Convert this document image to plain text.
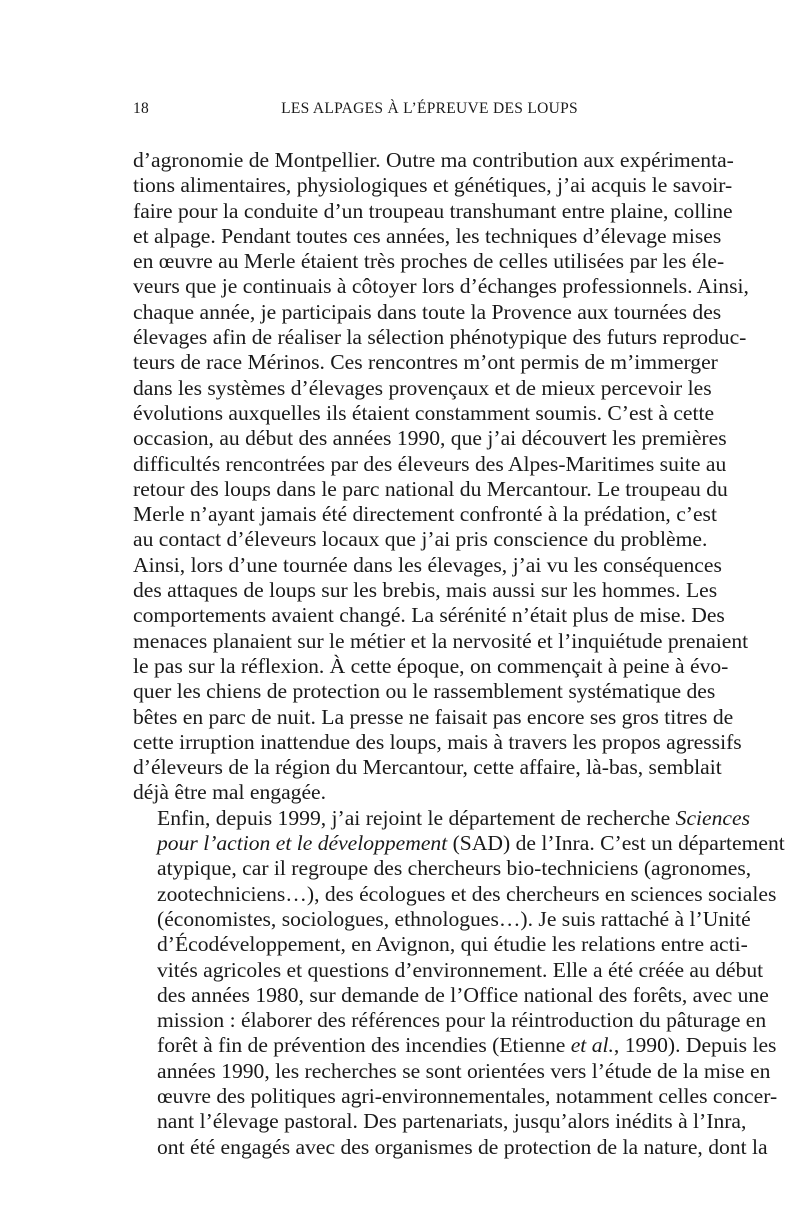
18	LES ALPAGES À L’ÉPREUVE DES LOUPS

d’agronomie de Montpellier. Outre ma contribution aux expérimenta-
tions alimentaires, physiologiques et génétiques, j’ai acquis le savoir-
faire pour la conduite d’un troupeau transhumant entre plaine, colline
et alpage. Pendant toutes ces années, les techniques d’élevage mises
en œuvre au Merle étaient très proches de celles utilisées par les éle-
veurs que je continuais à côtoyer lors d’échanges professionnels. Ainsi,
chaque année, je participais dans toute la Provence aux tournées des
élevages afin de réaliser la sélection phénotypique des futurs reproduc-
teurs de race Mérinos. Ces rencontres m’ont permis de m’immerger
dans les systèmes d’élevages provençaux et de mieux percevoir les
évolutions auxquelles ils étaient constamment soumis. C’est à cette
occasion, au début des années 1990, que j’ai découvert les premières
difficultés rencontrées par des éleveurs des Alpes-Maritimes suite au
retour des loups dans le parc national du Mercantour. Le troupeau du
Merle n’ayant jamais été directement confronté à la prédation, c’est
au contact d’éleveurs locaux que j’ai pris conscience du problème.
Ainsi, lors d’une tournée dans les élevages, j’ai vu les conséquences
des attaques de loups sur les brebis, mais aussi sur les hommes. Les
comportements avaient changé. La sérénité n’était plus de mise. Des
menaces planaient sur le métier et la nervosité et l’inquiétude prenaient
le pas sur la réflexion. À cette époque, on commençait à peine à évo-
quer les chiens de protection ou le rassemblement systématique des
bêtes en parc de nuit. La presse ne faisait pas encore ses gros titres de
cette irruption inattendue des loups, mais à travers les propos agressifs
d’éleveurs de la région du Mercantour, cette affaire, là-bas, semblait
déjà être mal engagée.

Enfin, depuis 1999, j’ai rejoint le département de recherche Sciences
pour l’action et le développement (SAD) de l’Inra. C’est un département
atypique, car il regroupe des chercheurs bio-techniciens (agronomes,
zootechniciens…), des écologues et des chercheurs en sciences sociales
(économistes, sociologues, ethnologues…). Je suis rattaché à l’Unité
d’Écodéveloppement, en Avignon, qui étudie les relations entre acti-
vités agricoles et questions d’environnement. Elle a été créée au début
des années 1980, sur demande de l’Office national des forêts, avec une
mission : élaborer des références pour la réintroduction du pâturage en
forêt à fin de prévention des incendies (Etienne et al., 1990). Depuis les
années 1990, les recherches se sont orientées vers l’étude de la mise en
œuvre des politiques agri-environnementales, notamment celles concer-
nant l’élevage pastoral. Des partenariats, jusqu’alors inédits à l’Inra,
ont été engagés avec des organismes de protection de la nature, dont la
